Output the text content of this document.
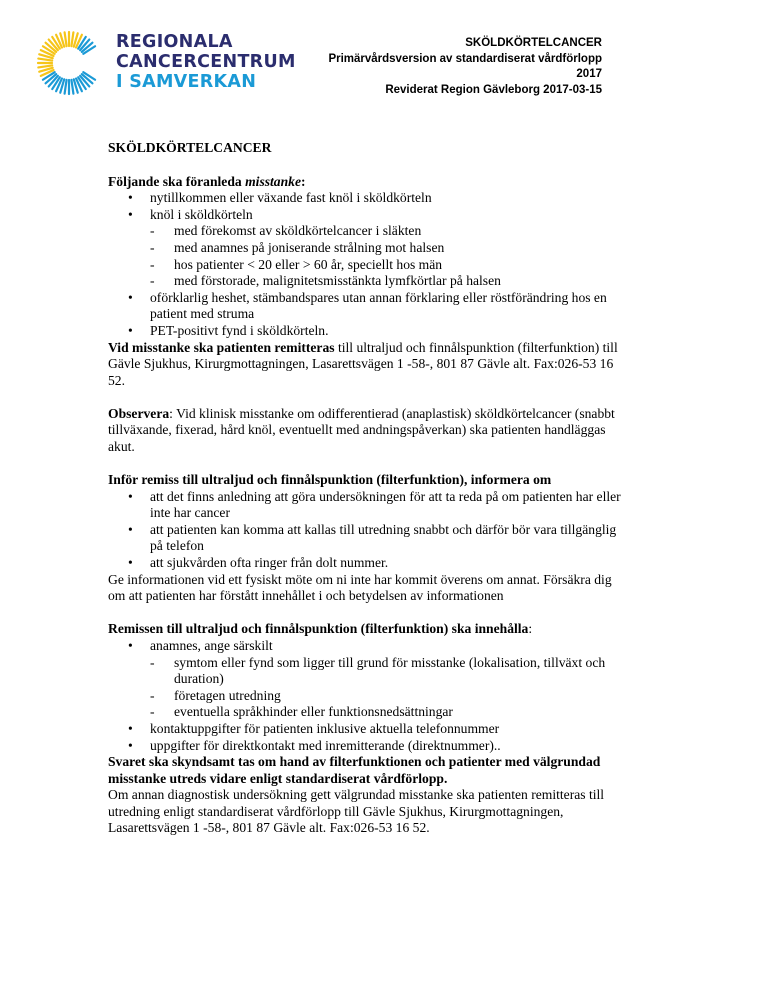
REGIONALA
CANCERCENTRUM
I SAMVERKAN
SKÖLDKÖRTELCANCER
Primärvårdsversion av standardiserat vårdförlopp 2017
Reviderat Region Gävleborg 2017-03-15
SKÖLDKÖRTELCANCER
Följande ska föranleda misstanke:
• nytillkommen eller växande fast knöl i sköldkörteln
• knöl i sköldkörteln
- med förekomst av sköldkörtelcancer i släkten
- med anamnes på joniserande strålning mot halsen
- hos patienter < 20 eller > 60 år, speciellt hos män
- med förstorade, malignitetsmisstänkta lymfkörtlar på halsen
• oförklarlig heshet, stämbandspares utan annan förklaring eller röstförändring hos en patient med struma
• PET-positivt fynd i sköldkörteln.

Vid misstanke ska patienten remitteras till ultraljud och finnålspunktion (filterfunktion) till Gävle Sjukhus, Kirurgmottagningen, Lasarettsvägen 1 -58-, 801 87 Gävle alt. Fax:026-53 16 52.

Observera: Vid klinisk misstanke om odifferentierad (anaplastisk) sköldkörtelcancer (snabbt tillväxande, fixerad, hård knöl, eventuellt med andningspåverkan) ska patienten handläggas akut.

Inför remiss till ultraljud och finnålspunktion (filterfunktion), informera om
• att det finns anledning att göra undersökningen för att ta reda på om patienten har eller inte har cancer
• att patienten kan komma att kallas till utredning snabbt och därför bör vara tillgänglig på telefon
• att sjukvården ofta ringer från dolt nummer.

Ge informationen vid ett fysiskt möte om ni inte har kommit överens om annat. Försäkra dig om att patienten har förstått innehållet i och betydelsen av informationen

Remissen till ultraljud och finnålspunktion (filterfunktion) ska innehålla:
• anamnes, ange särskilt
- symtom eller fynd som ligger till grund för misstanke (lokalisation, tillväxt och duration)
- företagen utredning
- eventuella språkhinder eller funktionsnedsättningar
• kontaktuppgifter för patienten inklusive aktuella telefonnummer
• uppgifter för direktkontakt med inremitterande (direktnummer)..
Svaret ska skyndsamt tas om hand av filterfunktionen och patienter med välgrundad misstanke utreds vidare enligt standardiserat vårdförlopp.
Om annan diagnostisk undersökning gett välgrundad misstanke ska patienten remitteras till utredning enligt standardiserat vårdförlopp till Gävle Sjukhus, Kirurgmottagningen, Lasarettsvägen 1 -58-, 801 87 Gävle alt. Fax:026-53 16 52.
